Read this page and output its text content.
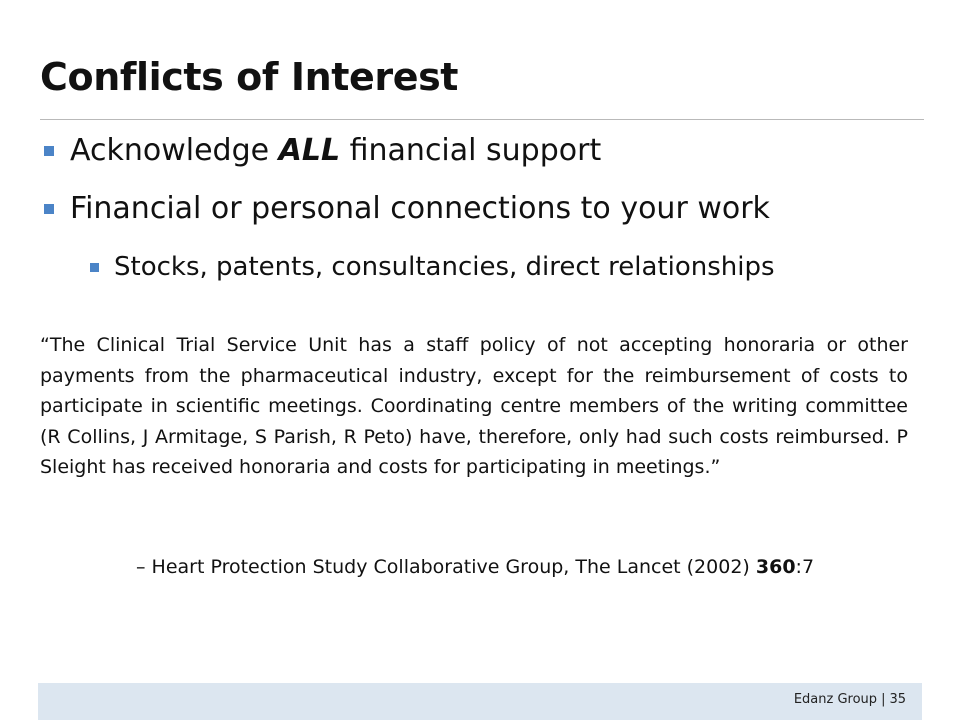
Conflicts of Interest
Acknowledge ALL financial support
Financial or personal connections to your work
Stocks, patents, consultancies, direct relationships
“The Clinical Trial Service Unit has a staff policy of not accepting honoraria or other payments from the pharmaceutical industry, except for the reimbursement of costs to participate in scientific meetings. Coordinating centre members of the writing committee (R Collins, J Armitage, S Parish, R Peto) have, therefore, only had such costs reimbursed. P Sleight has received honoraria and costs for participating in meetings.”
– Heart Protection Study Collaborative Group, The Lancet (2002) 360:7
Edanz Group | 35
